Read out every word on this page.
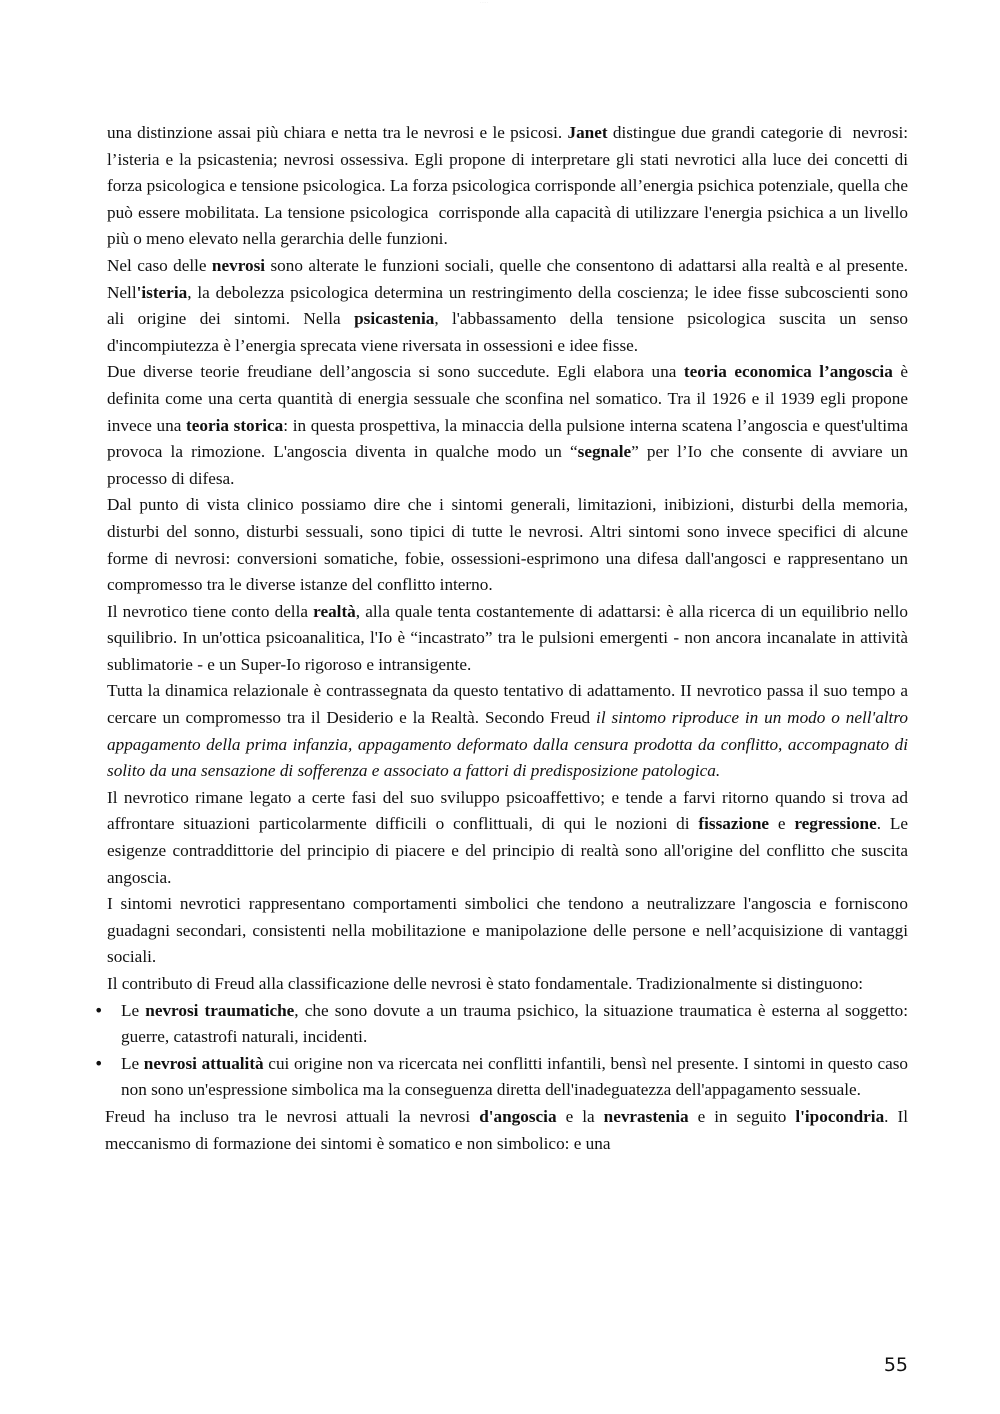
· · · · ·

una distinzione assai più chiara e netta tra le nevrosi e le psicosi. Janet distingue due grandi categorie di  nevrosi: l’isteria e la psicastenia; nevrosi ossessiva. Egli propone di interpretare gli stati nevrotici alla luce dei concetti di forza psicologica e tensione psicologica. La forza psicologica corrisponde all’energia psichica potenziale, quella che può essere mobilitata. La tensione psicologica  corrisponde alla capacità di utilizzare l'energia psichica a un livello più o meno elevato nella gerarchia delle funzioni.

Nel caso delle nevrosi sono alterate le funzioni sociali, quelle che consentono di adattarsi alla realtà e al presente. Nell'isteria, la debolezza psicologica determina un restringimento della coscienza; le idee fisse subcoscienti sono ali origine dei sintomi. Nella psicastenia, l'abbassamento della tensione psicologica suscita un senso d'incompiutezza è l’energia sprecata viene riversata in ossessioni e idee fisse.

Due diverse teorie freudiane dell’angoscia si sono succedute. Egli elabora una teoria economica l’angoscia è definita come una certa quantità di energia sessuale che sconfina nel somatico. Tra il 1926 e il 1939 egli propone invece una teoria storica: in questa prospettiva, la minaccia della pulsione interna scatena l’angoscia e quest'ultima provoca la rimozione. L'angoscia diventa in qualche modo un “segnale” per l’Io che consente di avviare un processo di difesa.

Dal punto di vista clinico possiamo dire che i sintomi generali, limitazioni, inibizioni, disturbi della memoria, disturbi del sonno, disturbi sessuali, sono tipici di tutte le nevrosi. Altri sintomi sono invece specifici di alcune forme di nevrosi: conversioni somatiche, fobie, ossessioni-esprimono una difesa dall'angosci e rappresentano un compromesso tra le diverse istanze del conflitto interno.

Il nevrotico tiene conto della realtà, alla quale tenta costantemente di adattarsi: è alla ricerca di un equilibrio nello squilibrio. In un'ottica psicoanalitica, l'Io è “incastrato” tra le pulsioni emergenti - non ancora incanalate in attività sublimatorie - e un Super-Io rigoroso e intransigente.

Tutta la dinamica relazionale è contrassegnata da questo tentativo di adattamento. II nevrotico passa il suo tempo a cercare un compromesso tra il Desiderio e la Realtà. Secondo Freud il sintomo riproduce in un modo o nell'altro appagamento della prima infanzia, appagamento deformato dalla censura prodotta da conflitto, accompagnato di solito da una sensazione di sofferenza e associato a fattori di predisposizione patologica.

Il nevrotico rimane legato a certe fasi del suo sviluppo psicoaffettivo; e tende a farvi ritorno quando si trova ad affrontare situazioni particolarmente difficili o conflittuali, di qui le nozioni di fissazione e regressione. Le esigenze contraddittorie del principio di piacere e del principio di realtà sono all'origine del conflitto che suscita angoscia.

I sintomi nevrotici rappresentano comportamenti simbolici che tendono a neutralizzare l'angoscia e forniscono guadagni secondari, consistenti nella mobilitazione e manipolazione delle persone e nell’acquisizione di vantaggi sociali.

Il contributo di Freud alla classificazione delle nevrosi è stato fondamentale. Tradizionalmente si distinguono:

• Le nevrosi traumatiche, che sono dovute a un trauma psichico, la situazione traumatica è esterna al soggetto: guerre, catastrofi naturali, incidenti.
• Le nevrosi attualità cui origine non va ricercata nei conflitti infantili, bensì nel presente. I sintomi in questo caso non sono un'espressione simbolica ma la conseguenza diretta dell'inadeguatezza dell'appagamento sessuale.

Freud ha incluso tra le nevrosi attuali la nevrosi d'angoscia e la nevrastenia e in seguito l'ipocondria. Il meccanismo di formazione dei sintomi è somatico e non simbolico: e una

55
